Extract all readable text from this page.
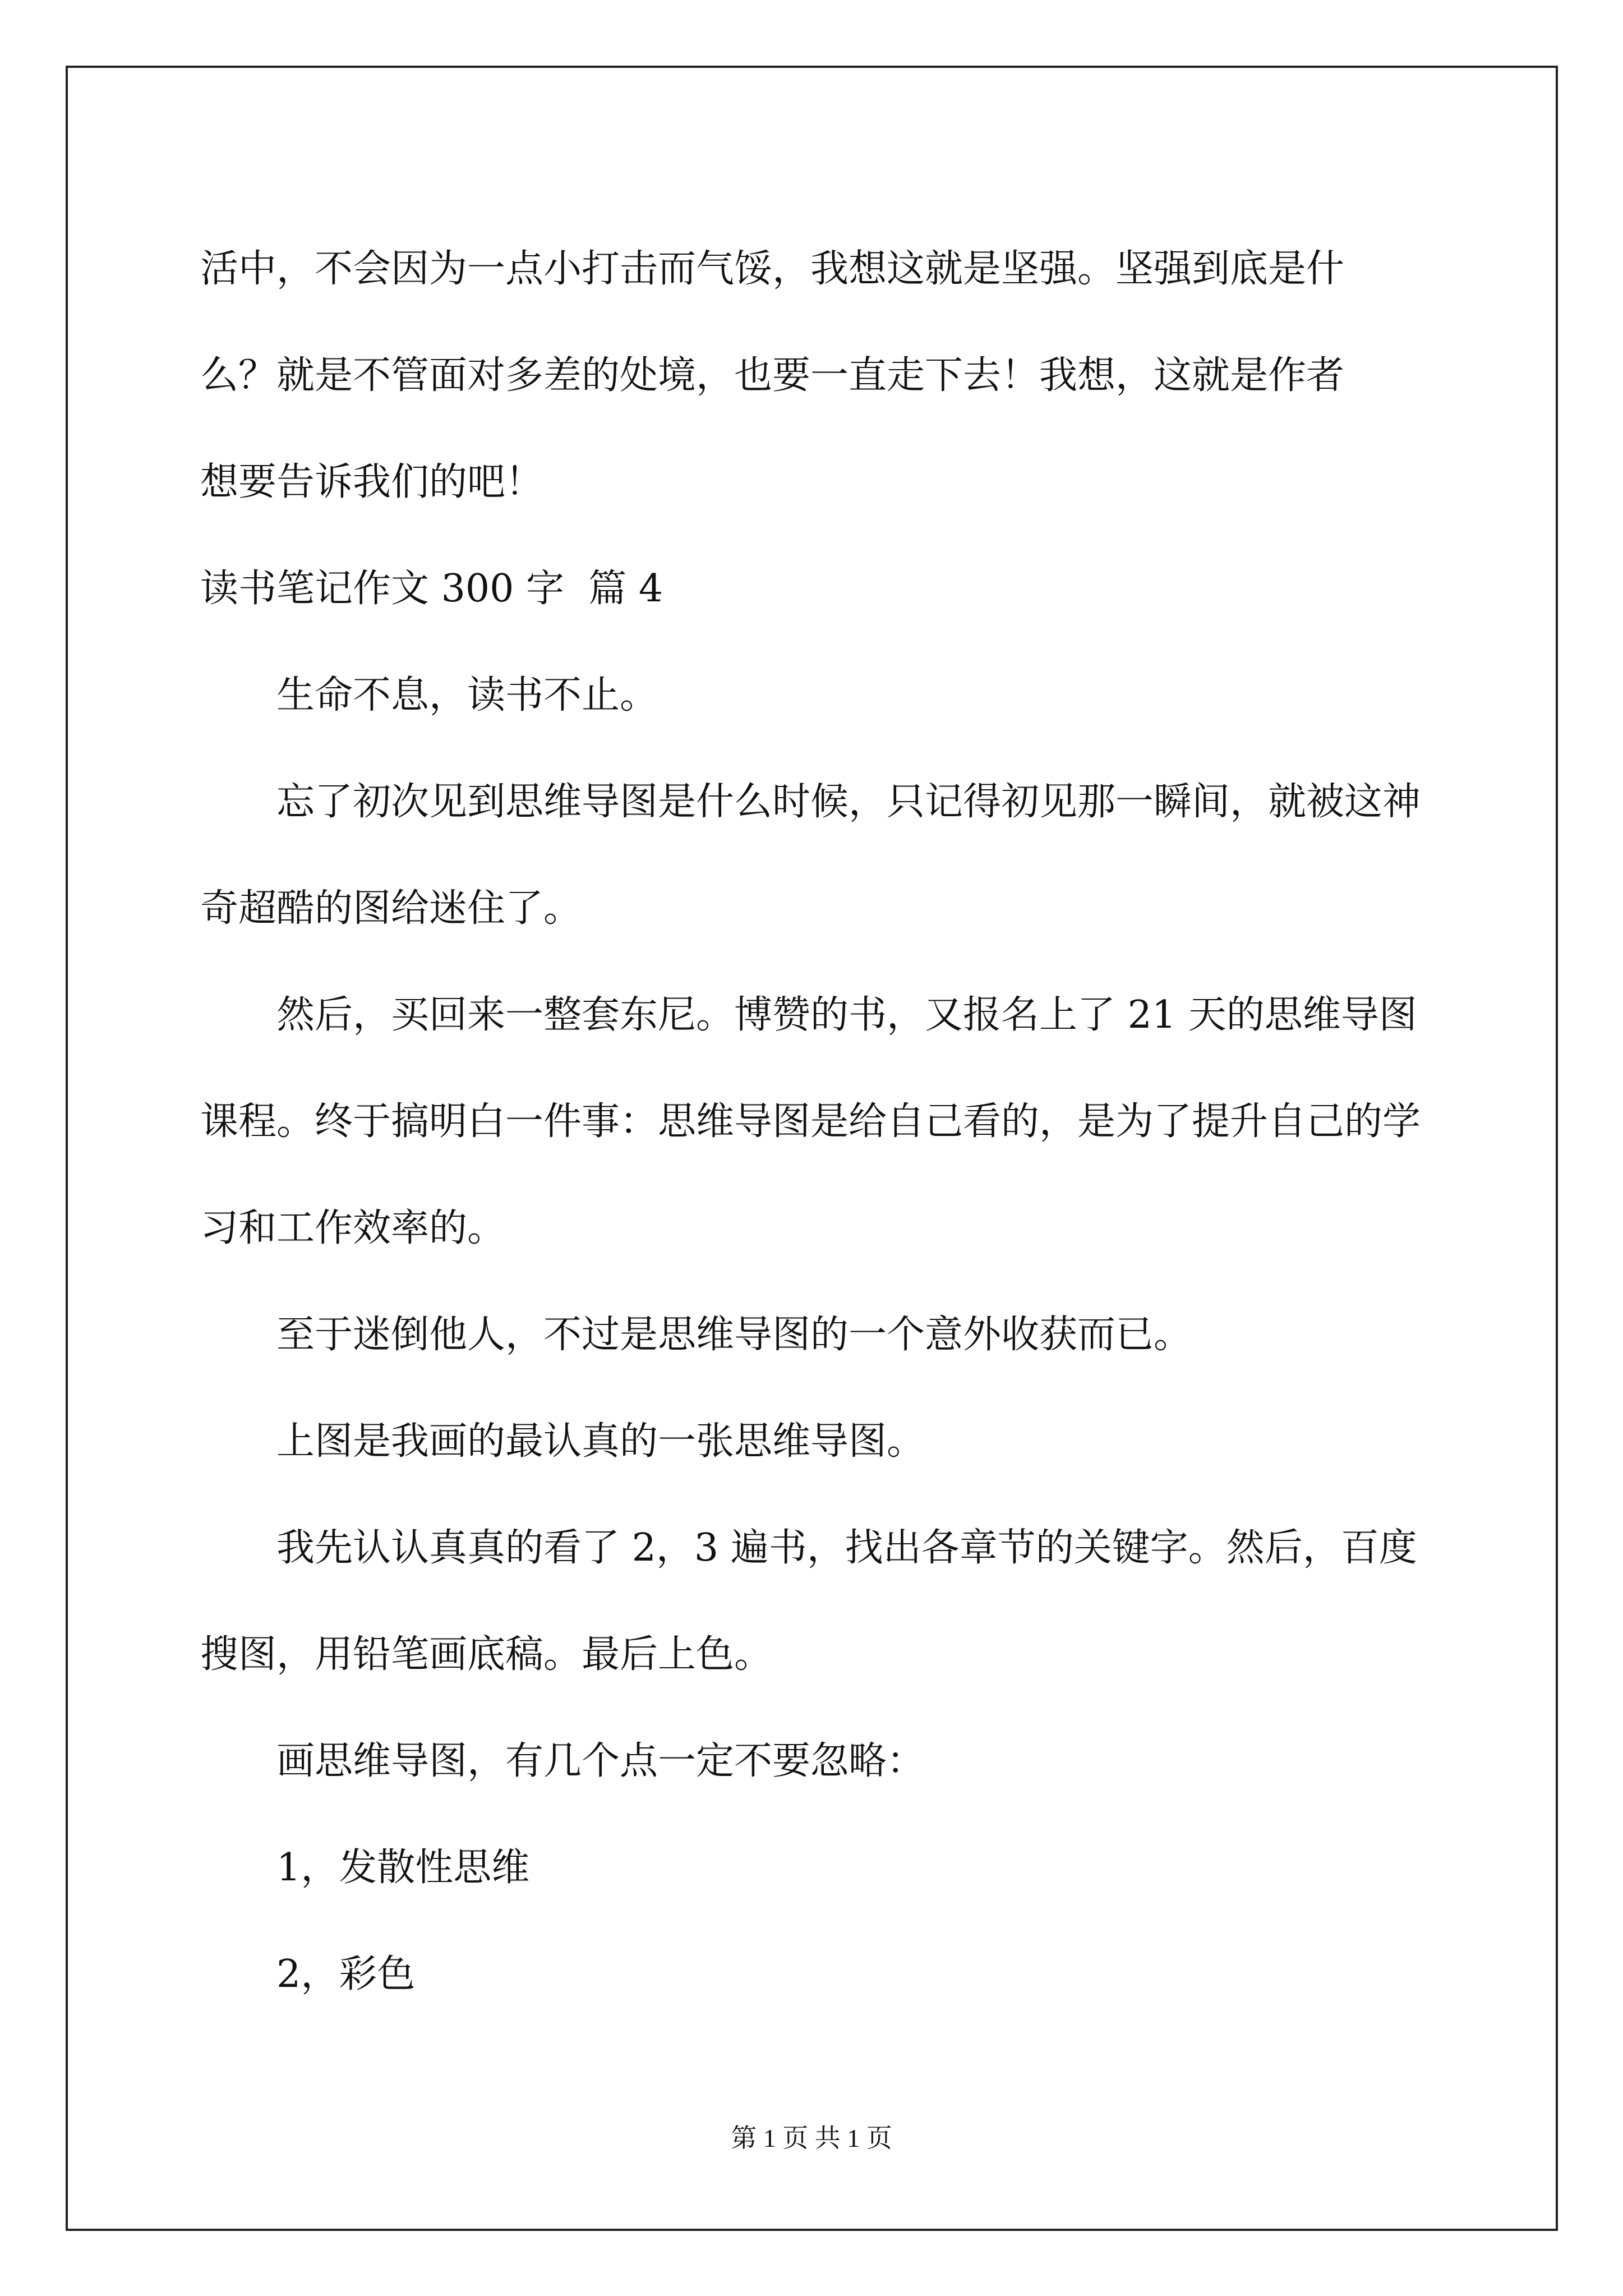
活中，不会因为一点小打击而气馁，我想这就是坚强。坚强到底是什

么？就是不管面对多差的处境，也要一直走下去！我想，这就是作者

想要告诉我们的吧！

读书笔记作文 300 字  篇 4

生命不息，读书不止。

忘了初次见到思维导图是什么时候，只记得初见那一瞬间，就被这神奇超酷的图给迷住了。

然后，买回来一整套东尼。博赞的书，又报名上了 21 天的思维导图课程。终于搞明白一件事：思维导图是给自己看的，是为了提升自己的学习和工作效率的。

至于迷倒他人，不过是思维导图的一个意外收获而已。

上图是我画的最认真的一张思维导图。

我先认认真真的看了 2，3 遍书，找出各章节的关键字。然后，百度搜图，用铅笔画底稿。最后上色。

画思维导图，有几个点一定不要忽略：

1，发散性思维

2，彩色

第 1 页 共 1 页
